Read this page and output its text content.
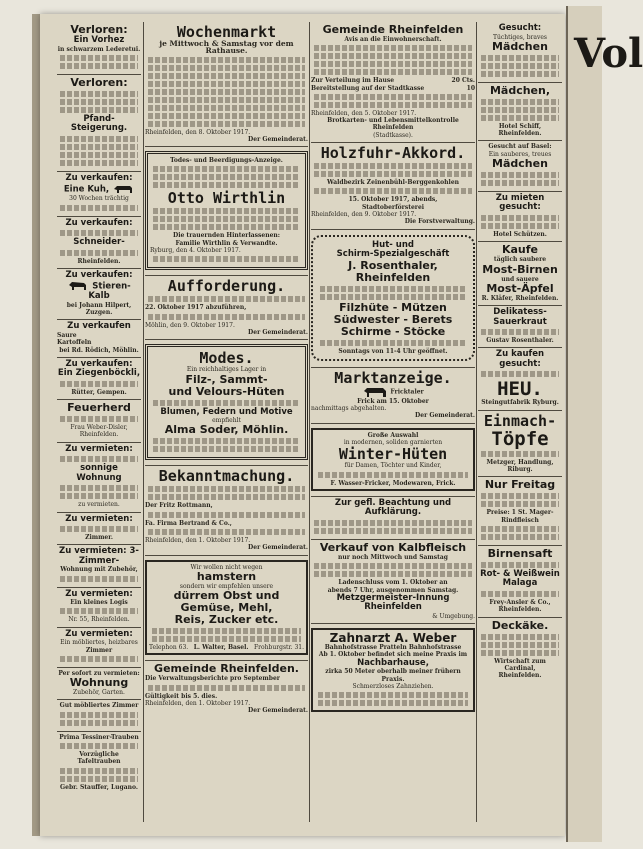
Vol
Verloren:
Ein Vorhez
in schwarzem Lederetui.
Verloren:
Pfand-Steigerung.
Zu verkaufen:
Eine Kuh,
30 Wochen trächtig
Zu verkaufen:
Schneider-
Rheinfelden.
Zu verkaufen:
Stieren-Kalb
bei Johann Hilpert, Zuzgen.
Zu verkaufen
Saure
Kartoffeln
bei Rd. Rödich, Möhlin.
Zu verkaufen:
Ein Ziegenböckli,
Rütter, Gempen.
Feuerherd
Frau Weber-Disler, Rheinfelden.
Zu vermieten:
sonnige Wohnung
zu vermieten.
Zu vermieten:
Zimmer.
Zu vermieten: 3-Zimmer-
Wohnung mit Zubehör,
Zu vermieten:
Ein kleines Logis
Nr. 55, Rheinfelden.
Zu vermieten:
Ein möbliertes, heizbares
Zimmer
Per sofort zu vermieten:
Wohnung
Zubehör, Garten.
Gut möbliertes Zimmer
Prima Tessiner-Trauben
Vorzügliche Tafeltrauben
Gebr. Stauffer, Lugano.
Wochenmarkt
je Mittwoch & Samstag vor dem Rathause.
Rheinfelden, den 8. Oktober 1917.
Der Gemeinderat.
Todes- und Beerdigungs-Anzeige.
Otto Wirthlin
Die trauernden Hinterlassenen:
Familie Wirthlin & Verwandte.
Ryburg, den 4. Oktober 1917.
Aufforderung.
22. Oktober 1917 abzuführen,
Möhlin, den 9. Oktober 1917.
Der Gemeinderat.
Modes.
Ein reichhaltiges Lager in
Filz-, Sammt-
und Velours-Hüten
Blumen, Federn und Motive
empfiehlt
Alma Soder, Möhlin.
Bekanntmachung.
Der Fritz Rottmann,
Fa. Firma Bertrand & Co.,
Rheinfelden, den 1. Oktober 1917.
Der Gemeinderat.
Wir wollen nicht wegen
hamstern
sondern wir empfehlen unsere
dürrem Obst und Gemüse, Mehl,
Reis, Zucker etc.
Telephon 63. L. Walter, Basel. Frohburgstr. 31.
Gemeinde Rheinfelden.
Die Verwaltungsberichte pro September
Gültigkeit bis 5. dies.
Rheinfelden, den 1. Oktober 1917.
Der Gemeinderat.
Gemeinde Rheinfelden
Avis an die Einwohnerschaft.
Zur Verteilung im Hause	20 Cts.
Bereitstellung auf der Stadtkasse	10
Rheinfelden, den 5. Oktober 1917.
Brotkarten- und Lebensmittelkontrolle Rheinfelden
(Stadtkasse).
Holzfuhr-Akkord.
Waldbezirk Zeinenbühl-Berggenkohlen
15. Oktober 1917, abends,
Stadtoberförsterei
Rheinfelden, den 9. Oktober 1917.
Die Forstverwaltung.
Hut- und
Schirm-Spezialgeschäft
J. Rosenthaler, Rheinfelden
Filzhüte - Mützen
Südwester - Berets
Schirme - Stöcke
Sonntags von 11-4 Uhr geöffnet.
Marktanzeige.
Fricktaler
Frick am 15. Oktober
nachmittags abgehalten.
Der Gemeinderat.
Große Auswahl
in modernen, soliden garnierten
Winter-Hüten
für Damen, Töchter und Kinder,
F. Wasser-Fricker, Modewaren, Frick.
Zur gefl. Beachtung und Aufklärung.
Verkauf von Kalbfleisch
nur noch Mittwoch und Samstag
Ladenschluss vom 1. Oktober an
abends 7 Uhr, ausgenommen Samstag.
Metzgermeister-Innung Rheinfelden
& Umgebung.
Zahnarzt A. Weber
Bahnhofstrasse Pratteln Bahnhofstrasse
Ab 1. Oktober befindet sich meine Praxis im
Nachbarhause,
zirka 50 Meter oberhalb meiner frühern Praxis.
Schmerzloses Zahnziehen.
Gesucht:
Tüchtiges, braves
Mädchen
Mädchen,
Hotel Schiff, Rheinfelden.
Gesucht auf Basel:
Ein sauberes, treues
Mädchen
Zu mieten gesucht:
Hotel Schützen.
Kaufe
täglich saubere
Most-Birnen
und sauere
Most-Äpfel
R. Kläfer, Rheinfelden.
Delikatess-
Sauerkraut
Gustav Rosenthaler.
Zu kaufen gesucht:
HEU.
Steingutfabrik Ryburg.
Einmach-
Töpfe
Metzger, Handlung,
Riburg.
Nur Freitag
Preise: 1 St. Mager- Rindfleisch
Birnensaft
Rot- & Weißwein
Malaga
Frey-Ansler & Co.,
Rheinfelden.
Deckäke.
Wirtschaft zum Cardinal,
Rheinfelden.
